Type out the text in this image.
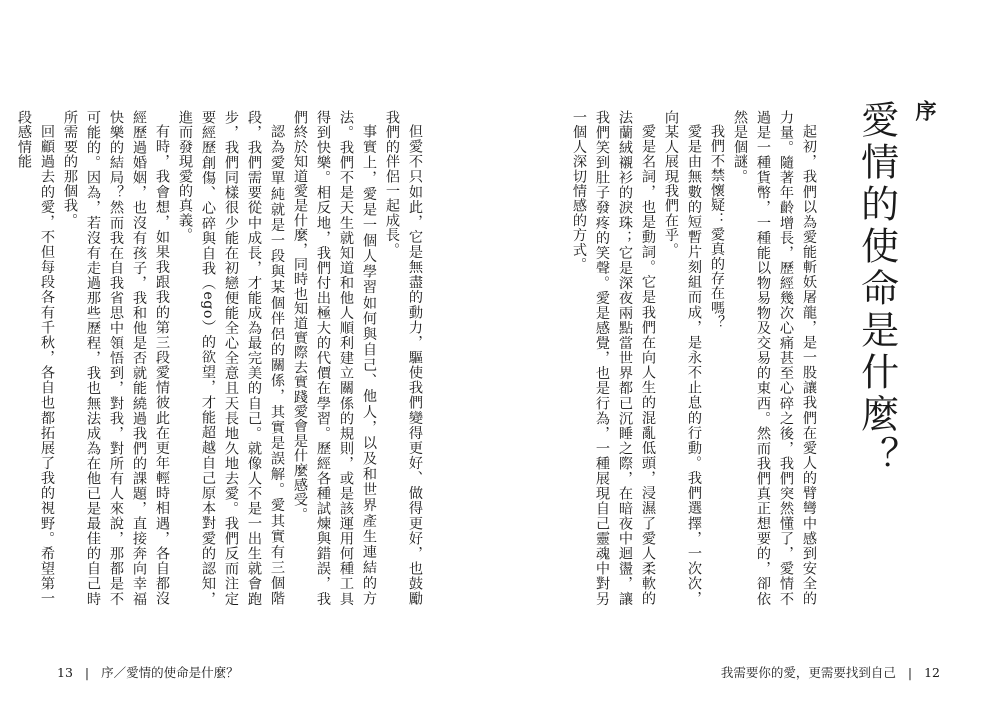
序
愛情的使命是什麼？

起初，我們以為愛能斬妖屠龍，是一股讓我們在愛人的臂彎中感到安全的力量。隨著年齡增長，歷經幾次心痛甚至心碎之後，我們突然懂了，愛情不過是一種貨幣，一種能以物易物及交易的東西。然而我們真正想要的，卻依然是個謎。

我們不禁懷疑：愛真的存在嗎？

愛是由無數的短暫片刻組而成，是永不止息的行動。我們選擇，一次次，向某人展現我們在乎。

愛是名詞，也是動詞。它是我們在向人生的混亂低頭，浸濕了愛人柔軟的法蘭絨襯衫的淚珠；它是深夜兩點當世界都已沉睡之際，在暗夜中迴盪，讓我們笑到肚子發疼的笑聲。愛是感覺，也是行為，一種展現自己靈魂中對另一個人深切情感的方式。

但愛不只如此，它是無盡的動力，驅使我們變得更好、做得更好，也鼓勵我們的伴侶一起成長。

事實上，愛是一個人學習如何與自己、他人，以及和世界產生連結的方法。我們不是天生就知道和他人順利建立關係的規則，或是該運用何種工具得到快樂。相反地，我們付出極大的代價在學習。歷經各種試煉與錯誤，我們終於知道愛是什麼，同時也知道實際去實踐愛會是什麼感受。

認為愛單純就是一段與某個伴侶的關係，其實是誤解。愛其實有三個階段，我們需要從中成長，才能成為最完美的自己。就像人不是一出生就會跑步，我們同樣很少能在初戀便能全心全意且天長地久地去愛。我們反而注定要經歷創傷、心碎與自我（ego）的欲望，才能超越自己原本對愛的認知，進而發現愛的真義。

有時，我會想，如果我跟我的第三段愛情彼此在更年輕時相遇，各自都沒經歷過婚姻，也沒有孩子，我和他是否就能繞過我們的課題，直接奔向幸福快樂的結局？然而我在自我省思中領悟到，對我，對所有人來說，那都是不可能的。因為，若沒有走過那些歷程，我也無法成為在他已是最佳的自己時所需要的那個我。

回顧過去的愛，不但每段各有千秋，各自也都拓展了我的視野。希望第一段感情能

13 | 序／愛情的使命是什麼？	我需要你的愛，更需要找到自己 | 12
